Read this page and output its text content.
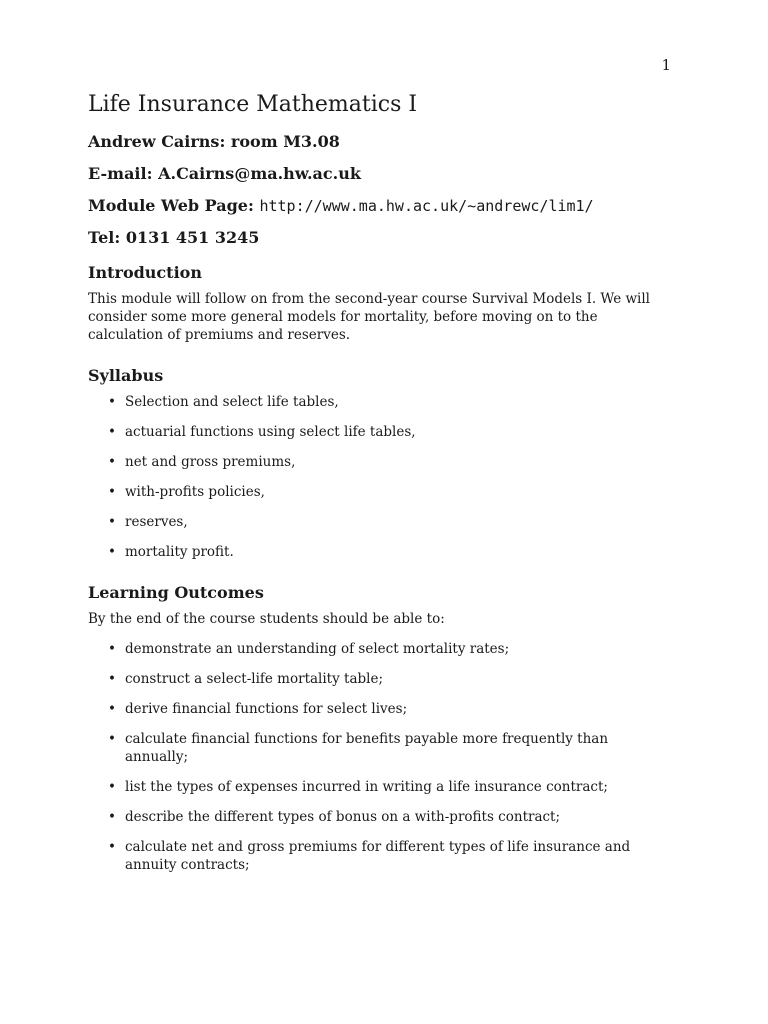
1
Life Insurance Mathematics I
Andrew Cairns: room M3.08
E-mail: A.Cairns@ma.hw.ac.uk
Module Web Page: http://www.ma.hw.ac.uk/∼andrewc/lim1/
Tel: 0131 451 3245
Introduction

This module will follow on from the second-year course Survival Models I. We will consider some more general models for mortality, before moving on to the calculation of premiums and reserves.

Syllabus
• Selection and select life tables,
• actuarial functions using select life tables,
• net and gross premiums,
• with-profits policies,
• reserves,
• mortality profit.
Learning Outcomes

By the end of the course students should be able to:

• demonstrate an understanding of select mortality rates;
• construct a select-life mortality table;
• derive financial functions for select lives;
• calculate financial functions for benefits payable more frequently than annually;
• list the types of expenses incurred in writing a life insurance contract;
• describe the different types of bonus on a with-profits contract;
• calculate net and gross premiums for different types of life insurance and annuity contracts;
